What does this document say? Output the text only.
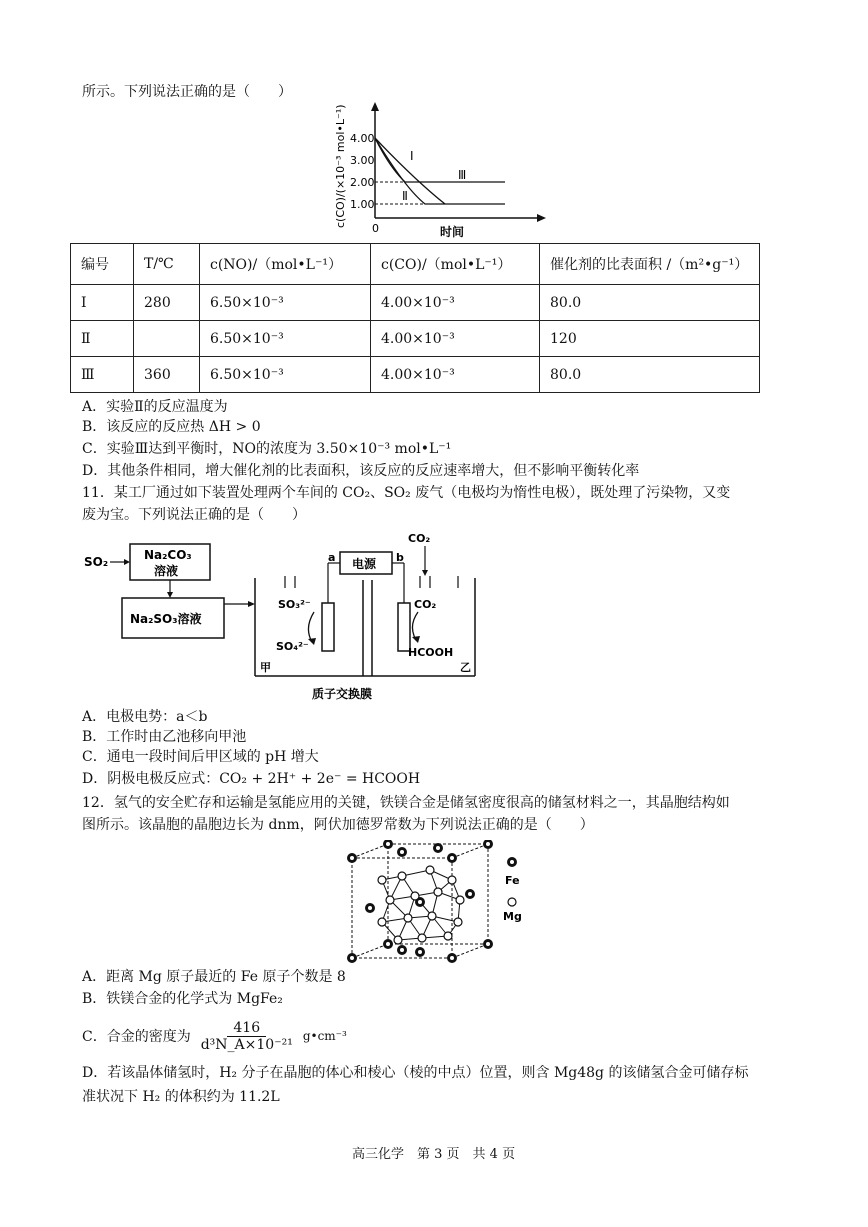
所示。下列说法正确的是（　　）
c(CO)/(×10⁻³ mol•L⁻¹) 4.00
3.00
2.00
1.00
0	时间
Ⅰ
Ⅱ
Ⅲ
编号	T/℃	c(NO)/（mol•L⁻¹）	c(CO)/（mol•L⁻¹）	催化剂的比表面积 /（m²•g⁻¹）
Ⅰ	280	6.50×10⁻³	4.00×10⁻³	80.0
Ⅱ		6.50×10⁻³	4.00×10⁻³	120
Ⅲ	360	6.50×10⁻³	4.00×10⁻³	80.0
A．实验Ⅱ的反应温度为
B．该反应的反应热 ΔH > 0
C．实验Ⅲ达到平衡时，NO的浓度为 3.50×10⁻³ mol•L⁻¹
D．其他条件相同，增大催化剂的比表面积，该反应的反应速率增大，但不影响平衡转化率
11．某工厂通过如下装置处理两个车间的 CO₂、SO₂ 废气（电极均为惰性电极），既处理了污染物，又变
废为宝。下列说法正确的是（　　）
SO₂	Na₂CO₃
溶液
Na₂SO₃溶液
电源
a	b
CO₂
SO₃²⁻
SO₄²⁻
CO₂
HCOOH
甲	乙
质子交换膜
A．电极电势：a＜b
B．工作时由乙池移向甲池
C．通电一段时间后甲区域的 pH 增大
D．阴极电极反应式：CO₂ + 2H⁺ + 2e⁻ = HCOOH
12．氢气的安全贮存和运输是氢能应用的关键，铁镁合金是储氢密度很高的储氢材料之一，其晶胞结构如
图所示。该晶胞的晶胞边长为 dnm，阿伏加德罗常数为下列说法正确的是（　　）
Fe
Mg
A．距离 Mg 原子最近的 Fe 原子个数是 8
B．铁镁合金的化学式为 MgFe₂
C．合金的密度为 $\frac{416}{\text{d³N\_A×10⁻²¹}}$ g•cm⁻³
D．若该晶体储氢时，H₂ 分子在晶胞的体心和棱心（棱的中点）位置，则含 Mg48g 的该储氢合金可储存标
准状况下 H₂ 的体积约为 11.2L
高三化学　第 3 页　共 4 页
